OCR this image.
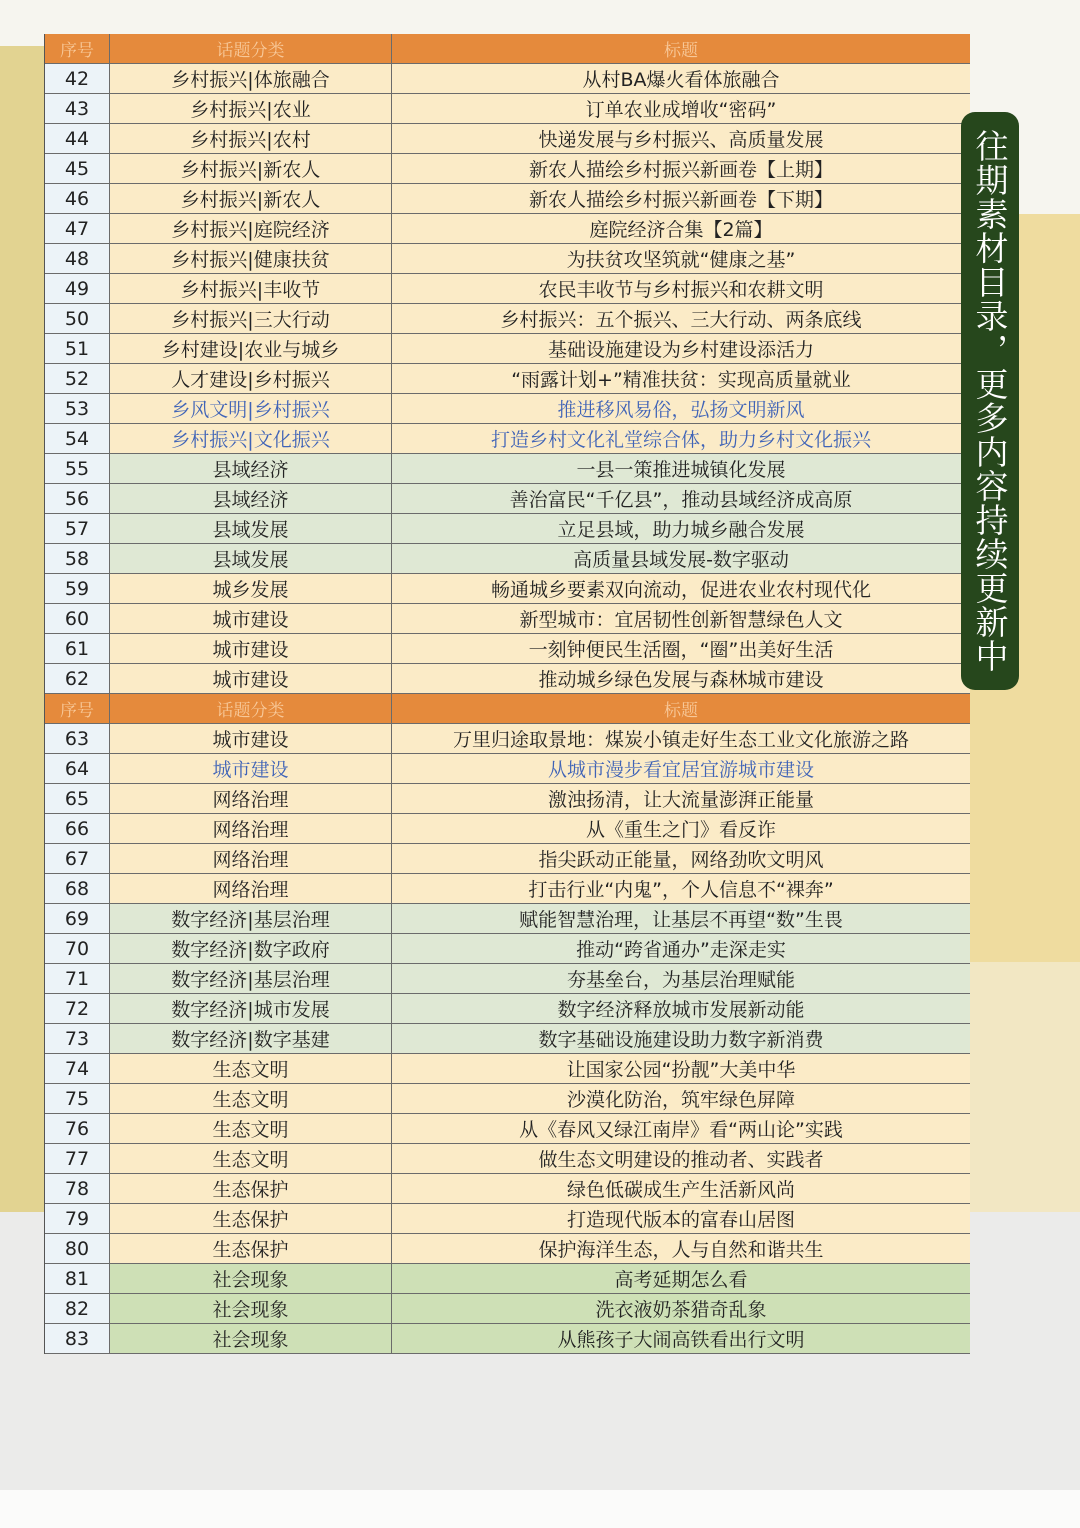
序号	话题分类	标题
42	乡村振兴|体旅融合	从村BA爆火看体旅融合
43	乡村振兴|农业	订单农业成增收“密码”
44	乡村振兴|农村	快递发展与乡村振兴、高质量发展
45	乡村振兴|新农人	新农人描绘乡村振兴新画卷【上期】
46	乡村振兴|新农人	新农人描绘乡村振兴新画卷【下期】
47	乡村振兴|庭院经济	庭院经济合集【2篇】
48	乡村振兴|健康扶贫	为扶贫攻坚筑就“健康之基”
49	乡村振兴|丰收节	农民丰收节与乡村振兴和农耕文明
50	乡村振兴|三大行动	乡村振兴：五个振兴、三大行动、两条底线
51	乡村建设|农业与城乡	基础设施建设为乡村建设添活力
52	人才建设|乡村振兴	“雨露计划+”精准扶贫：实现高质量就业
53	乡风文明|乡村振兴	推进移风易俗，弘扬文明新风
54	乡村振兴|文化振兴	打造乡村文化礼堂综合体，助力乡村文化振兴
55	县域经济	一县一策推进城镇化发展
56	县域经济	善治富民“千亿县”，推动县域经济成高原
57	县域发展	立足县域，助力城乡融合发展
58	县域发展	高质量县域发展-数字驱动
59	城乡发展	畅通城乡要素双向流动，促进农业农村现代化
60	城市建设	新型城市：宜居韧性创新智慧绿色人文
61	城市建设	一刻钟便民生活圈，“圈”出美好生活
62	城市建设	推动城乡绿色发展与森林城市建设
序号	话题分类	标题
63	城市建设	万里归途取景地：煤炭小镇走好生态工业文化旅游之路
64	城市建设	从城市漫步看宜居宜游城市建设
65	网络治理	激浊扬清，让大流量澎湃正能量
66	网络治理	从《重生之门》看反诈
67	网络治理	指尖跃动正能量，网络劲吹文明风
68	网络治理	打击行业“内鬼”，个人信息不“裸奔”
69	数字经济|基层治理	赋能智慧治理，让基层不再望“数”生畏
70	数字经济|数字政府	推动“跨省通办”走深走实
71	数字经济|基层治理	夯基垒台，为基层治理赋能
72	数字经济|城市发展	数字经济释放城市发展新动能
73	数字经济|数字基建	数字基础设施建设助力数字新消费
74	生态文明	让国家公园“扮靓”大美中华
75	生态文明	沙漠化防治，筑牢绿色屏障
76	生态文明	从《春风又绿江南岸》看“两山论”实践
77	生态文明	做生态文明建设的推动者、实践者
78	生态保护	绿色低碳成生产生活新风尚
79	生态保护	打造现代版本的富春山居图
80	生态保护	保护海洋生态，人与自然和谐共生
81	社会现象	高考延期怎么看
82	社会现象	洗衣液奶茶猎奇乱象
83	社会现象	从熊孩子大闹高铁看出行文明
往期素材目录，更多内容持续更新中
